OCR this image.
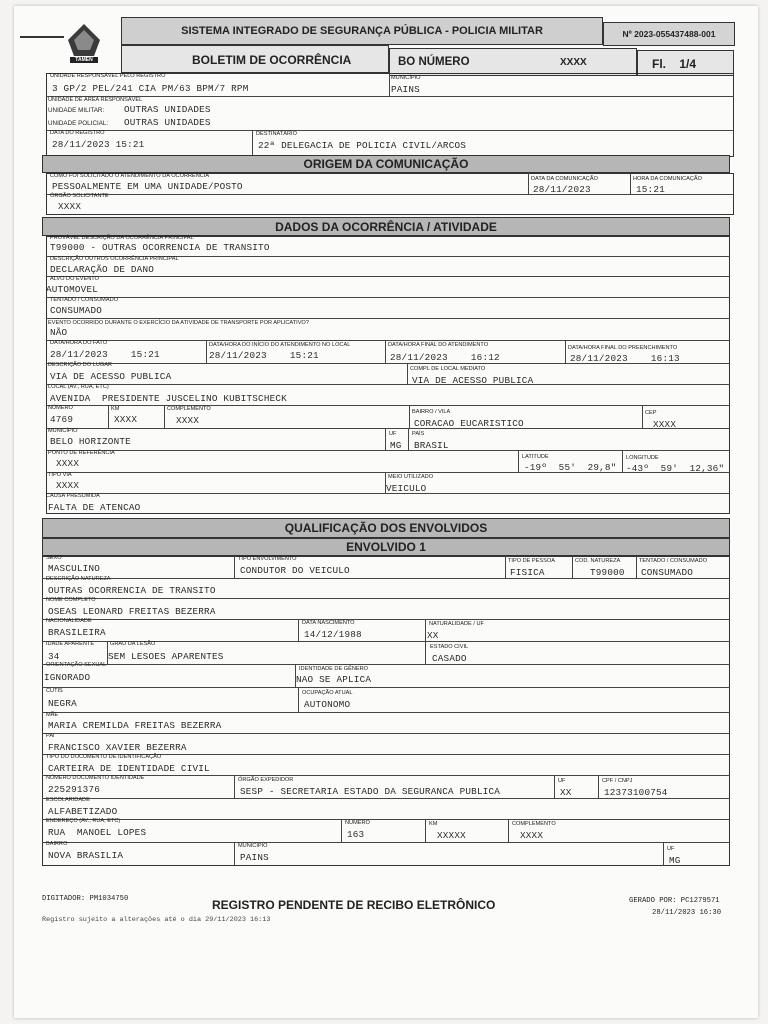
TAMEN
SISTEMA INTEGRADO DE SEGURANÇA PÚBLICA - POLICIA MILITAR	Nº 2023-055437488-001
BOLETIM DE OCORRÊNCIA	BO NÚMERO	XXXX	Fl.    1/4
UNIDADE RESPONSÁVEL PELO REGISTRO
3 GP/2 PEL/241 CIA PM/63 BPM/7 RPM
MUNICÍPIO
PAINS
UNIDADE DE ÁREA RESPONSÁVEL
UNIDADE MILITAR: OUTRAS UNIDADES
UNIDADE POLICIAL: OUTRAS UNIDADES
DATA DO REGISTRO
28/11/2023 15:21
DESTINATÁRIO
22ª DELEGACIA DE POLICIA CIVIL/ARCOS
ORIGEM DA COMUNICAÇÃO
COMO FOI SOLICITADO O ATENDIMENTO DA OCORRÊNCIA
PESSOALMENTE EM UMA UNIDADE/POSTO
DATA DA COMUNICAÇÃO
28/11/2023
HORA DA COMUNICAÇÃO
15:21
ÓRGÃO SOLICITANTE
XXXX
DADOS DA OCORRÊNCIA / ATIVIDADE
PROVÁVEL DESCRIÇÃO DA OCORRÊNCIA PRINCIPAL
T99000 - OUTRAS OCORRENCIA DE TRANSITO
DESCRIÇÃO OUTROS OCORRÊNCIA PRINCIPAL
DECLARAÇÃO DE DANO
ALVO DO EVENTO
AUTOMOVEL
TENTADO / CONSUMADO
CONSUMADO
EVENTO OCORRIDO DURANTE O EXERCÍCIO DA ATIVIDADE DE TRANSPORTE POR APLICATIVO?
NÃO
DATA/HORA DO FATO
28/11/2023    15:21
DATA/HORA DO INÍCIO DO ATENDIMENTO NO LOCAL
28/11/2023    15:21
DATA/HORA FINAL DO ATENDIMENTO
28/11/2023    16:12
DATA/HORA FINAL DO PREENCHIMENTO
28/11/2023    16:13
DESCRIÇÃO DO LUGAR
VIA DE ACESSO PUBLICA
COMPL DE LOCAL MEDIATO
VIA DE ACESSO PUBLICA
LOCAL (AV., RUA, ETC)
AVENIDA  PRESIDENTE JUSCELINO KUBITSCHECK
NÚMERO
4769
KM
XXXX
COMPLEMENTO
XXXX
BAIRRO / VILA
CORACAO EUCARISTICO
CEP
XXXX
MUNICÍPIO
BELO HORIZONTE
UF
MG
PAÍS
BRASIL
PONTO DE REFERÊNCIA
XXXX
LATITUDE
-19º  55'  29,8"
LONGITUDE
-43º  59'  12,36"
TIPO VIA
XXXX
MEIO UTILIZADO
VEICULO
CAUSA PRESUMIDA
FALTA DE ATENCAO
QUALIFICAÇÃO DOS ENVOLVIDOS
ENVOLVIDO 1
SEXO
MASCULINO
TIPO ENVOLVIMENTO
CONDUTOR DO VEICULO
TIPO DE PESSOA
FISICA
COD. NATUREZA
T99000
TENTADO / CONSUMADO
CONSUMADO
DESCRIÇÃO NATUREZA
OUTRAS OCORRENCIA DE TRANSITO
NOME COMPLETO
OSEAS LEONARD FREITAS BEZERRA
NACIONALIDADE
BRASILEIRA
DATA NASCIMENTO
14/12/1988
NATURALIDADE / UF
XX
IDADE APARENTE
34
GRAU DA LESÃO
SEM LESOES APARENTES
ESTADO CIVIL
CASADO
ORIENTAÇÃO SEXUAL
IGNORADO
IDENTIDADE DE GÊNERO
NAO SE APLICA
CUTIS
NEGRA
OCUPAÇÃO ATUAL
AUTONOMO
MÃE
MARIA CREMILDA FREITAS BEZERRA
PAI
FRANCISCO XAVIER BEZERRA
TIPO DO DOCUMENTO DE IDENTIFICAÇÃO
CARTEIRA DE IDENTIDADE CIVIL
NÚMERO DOCUMENTO IDENTIDADE
225291376
ÓRGÃO EXPEDIDOR
SESP - SECRETARIA ESTADO DA SEGURANCA PUBLICA
UF
XX
CPF / CNPJ
12373100754
ESCOLARIDADE
ALFABETIZADO
ENDEREÇO (AV., RUA, ETC)
RUA  MANOEL LOPES
NÚMERO
163
KM
XXXXX
COMPLEMENTO
XXXX
BAIRRO
NOVA BRASILIA
MUNICÍPIO
PAINS
UF
MG
DIGITADOR: PM1034750
Registro sujeito a alterações até o dia 29/11/2023 16:13
REGISTRO PENDENTE DE RECIBO ELETRÔNICO	GERADO POR: PC1279571
28/11/2023 16:30
